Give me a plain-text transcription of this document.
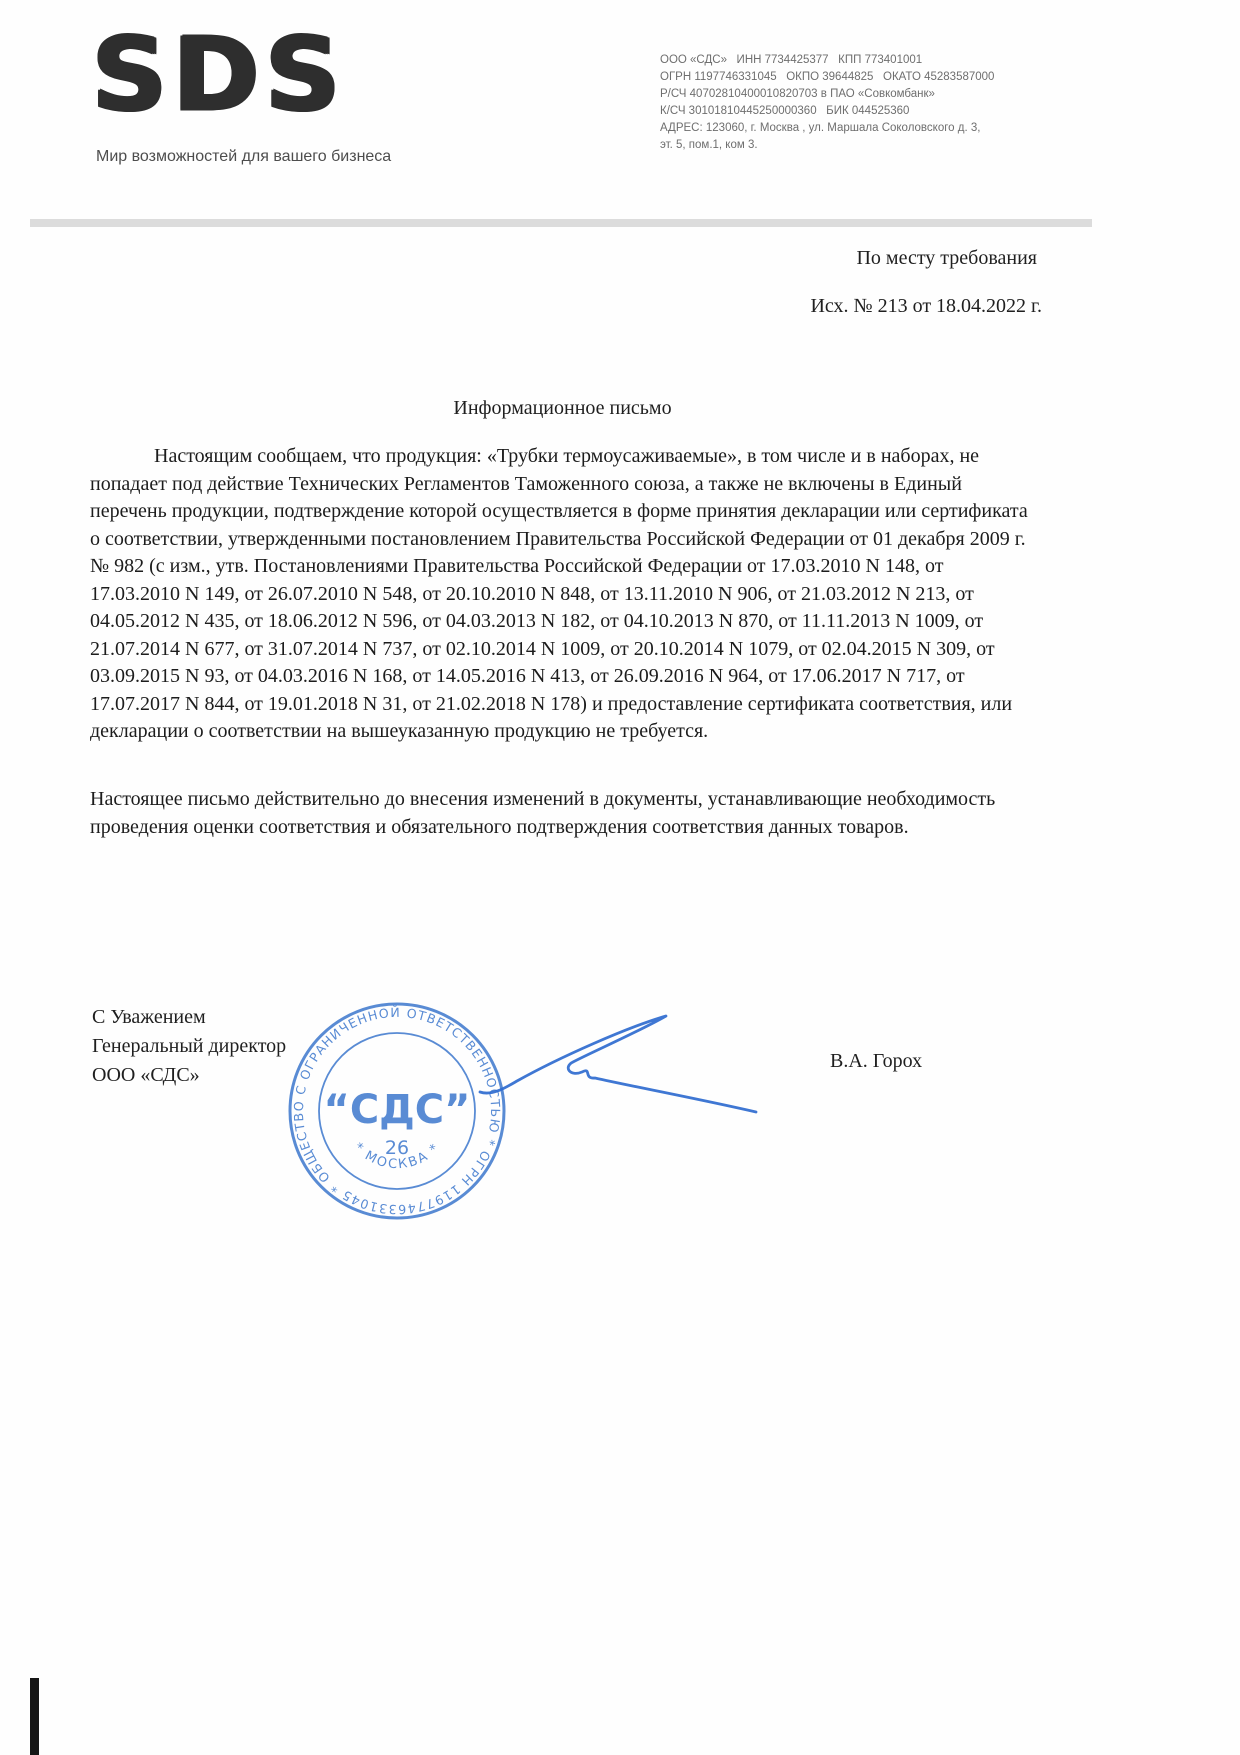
SDS
Мир возможностей для вашего бизнеса
ООО «СДС»   ИНН 7734425377   КПП 773401001
ОГРН 1197746331045   ОКПО 39644825   ОКАТО 45283587000
Р/СЧ 40702810400010820703 в ПАО «Совкомбанк»
К/СЧ 30101810445250000360   БИК 044525360
АДРЕС: 123060, г. Москва , ул. Маршала Соколовского д. 3,
эт. 5, пом.1, ком 3.
По месту требования
Исх. № 213 от 18.04.2022 г.
Информационное письмо

Настоящим сообщаем, что продукция: «Трубки термоусаживаемые», в том числе и в наборах, не попадает под действие Технических Регламентов Таможенного союза, а также не включены в Единый перечень продукции, подтверждение которой осуществляется в форме принятия декларации или сертификата о соответствии, утвержденными постановлением Правительства Российской Федерации от 01 декабря 2009 г. № 982 (с изм., утв. Постановлениями Правительства Российской Федерации от 17.03.2010 N 148, от 17.03.2010 N 149, от 26.07.2010 N 548, от 20.10.2010 N 848, от 13.11.2010 N 906, от 21.03.2012 N 213, от 04.05.2012 N 435, от 18.06.2012 N 596, от 04.03.2013 N 182, от 04.10.2013 N 870, от 11.11.2013 N 1009, от 21.07.2014 N 677, от 31.07.2014 N 737, от 02.10.2014 N 1009, от 20.10.2014 N 1079, от 02.04.2015 N 309, от 03.09.2015 N 93, от 04.03.2016 N 168, от 14.05.2016 N 413, от 26.09.2016 N 964, от 17.06.2017 N 717, от 17.07.2017 N 844, от 19.01.2018 N 31, от 21.02.2018 N 178) и предоставление сертификата соответствия, или декларации о соответствии на вышеуказанную продукцию не требуется.

Настоящее письмо действительно до внесения изменений в документы, устанавливающие необходимость проведения оценки соответствия и обязательного подтверждения соответствия данных товаров.

С Уважением
Генеральный директор
ООО «СДС»
В.А. Горох
ОБЩЕСТВО С ОГРАНИЧЕННОЙ ОТВЕТСТВЕННОСТЬЮ * ОГРН 1197746331045 *
* МОСКВА *
“СДС”
26
